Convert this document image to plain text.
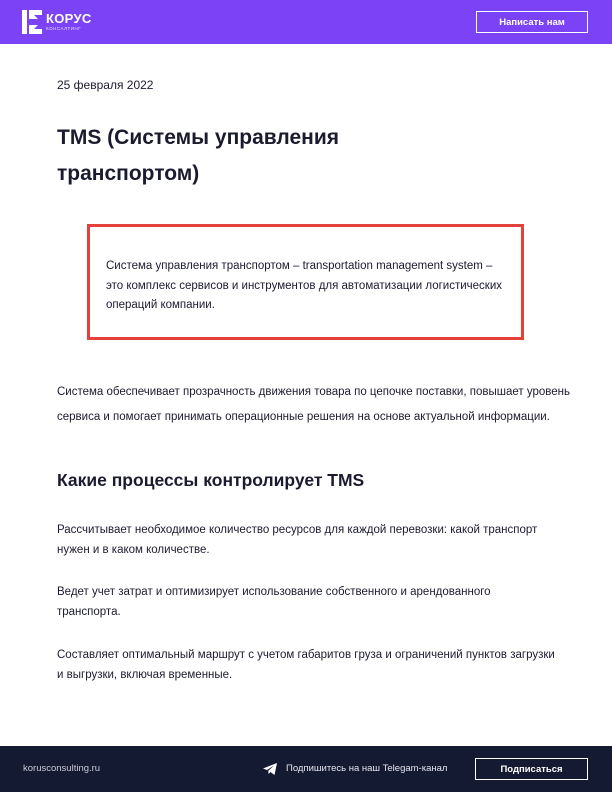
КОРУС
КОНСАЛТИНГ
Написать нам
25 февраля 2022
TMS (Системы управления транспортом)

Система управления транспортом – transportation management system – это комплекс сервисов и инструментов для автоматизации логистических операций компании.

Система обеспечивает прозрачность движения товара по цепочке поставки, повышает уровень сервиса и помогает принимать операционные решения на основе актуальной информации.

Какие процессы контролирует TMS

Рассчитывает необходимое количество ресурсов для каждой перевозки: какой транспорт нужен и в каком количестве.

Ведет учет затрат и оптимизирует использование собственного и арендованного транспорта.

Составляет оптимальный маршрут с учетом габаритов груза и ограничений пунктов загрузки и выгрузки, включая временные.

korusconsulting.ru	Подпишитесь на наш Telegam-канал	Подписаться
